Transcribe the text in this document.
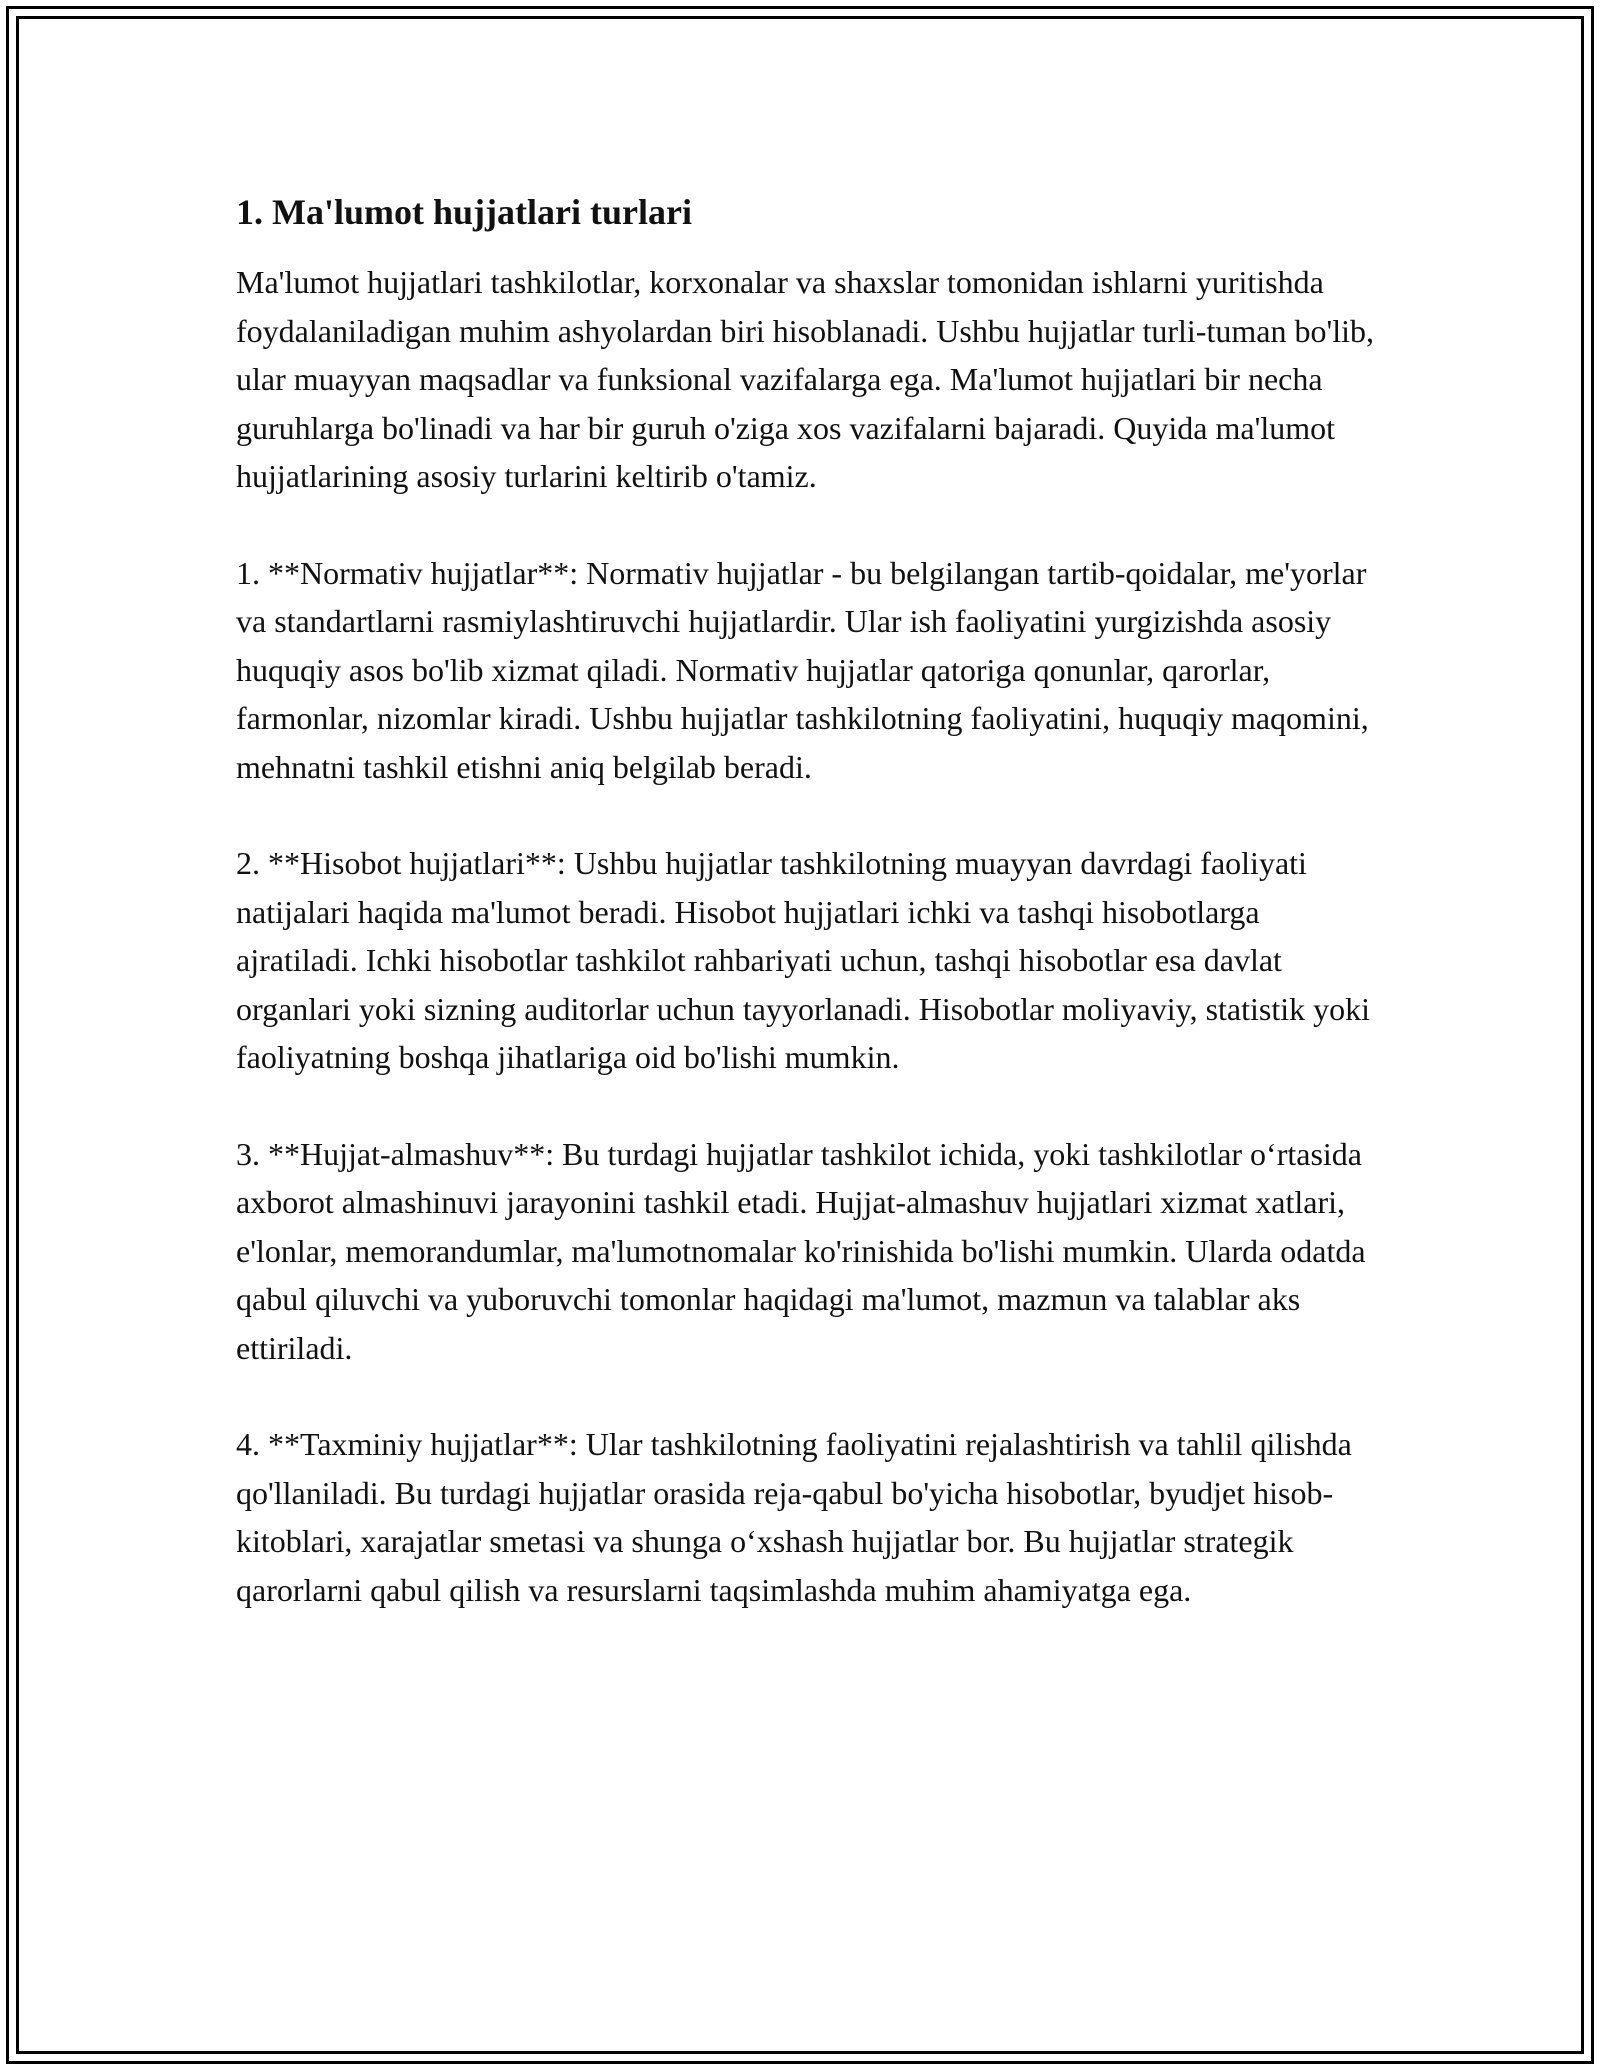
1. Ma'lumot hujjatlari turlari

Ma'lumot hujjatlari tashkilotlar, korxonalar va shaxslar tomonidan ishlarni yuritishda foydalaniladigan muhim ashyolardan biri hisoblanadi. Ushbu hujjatlar turli-tuman bo'lib, ular muayyan maqsadlar va funksional vazifalarga ega. Ma'lumot hujjatlari bir necha guruhlarga bo'linadi va har bir guruh o'ziga xos vazifalarni bajaradi. Quyida ma'lumot hujjatlarining asosiy turlarini keltirib o'tamiz.

1. **Normativ hujjatlar**: Normativ hujjatlar - bu belgilangan tartib-qoidalar, me'yorlar va standartlarni rasmiylashtiruvchi hujjatlardir. Ular ish faoliyatini yurgizishda asosiy huquqiy asos bo'lib xizmat qiladi. Normativ hujjatlar qatoriga qonunlar, qarorlar, farmonlar, nizomlar kiradi. Ushbu hujjatlar tashkilotning faoliyatini, huquqiy maqomini, mehnatni tashkil etishni aniq belgilab beradi.

2. **Hisobot hujjatlari**: Ushbu hujjatlar tashkilotning muayyan davrdagi faoliyati natijalari haqida ma'lumot beradi. Hisobot hujjatlari ichki va tashqi hisobotlarga ajratiladi. Ichki hisobotlar tashkilot rahbariyati uchun, tashqi hisobotlar esa davlat organlari yoki sizning auditorlar uchun tayyorlanadi. Hisobotlar moliyaviy, statistik yoki faoliyatning boshqa jihatlariga oid bo'lishi mumkin.

3. **Hujjat-almashuv**: Bu turdagi hujjatlar tashkilot ichida, yoki tashkilotlar o‘rtasida axborot almashinuvi jarayonini tashkil etadi. Hujjat-almashuv hujjatlari xizmat xatlari, e'lonlar, memorandumlar, ma'lumotnomalar ko'rinishida bo'lishi mumkin. Ularda odatda qabul qiluvchi va yuboruvchi tomonlar haqidagi ma'lumot, mazmun va talablar aks ettiriladi.

4. **Taxminiy hujjatlar**: Ular tashkilotning faoliyatini rejalashtirish va tahlil qilishda qo'llaniladi. Bu turdagi hujjatlar orasida reja-qabul bo'yicha hisobotlar, byudjet hisob-kitoblari, xarajatlar smetasi va shunga o‘xshash hujjatlar bor. Bu hujjatlar strategik qarorlarni qabul qilish va resurslarni taqsimlashda muhim ahamiyatga ega.
